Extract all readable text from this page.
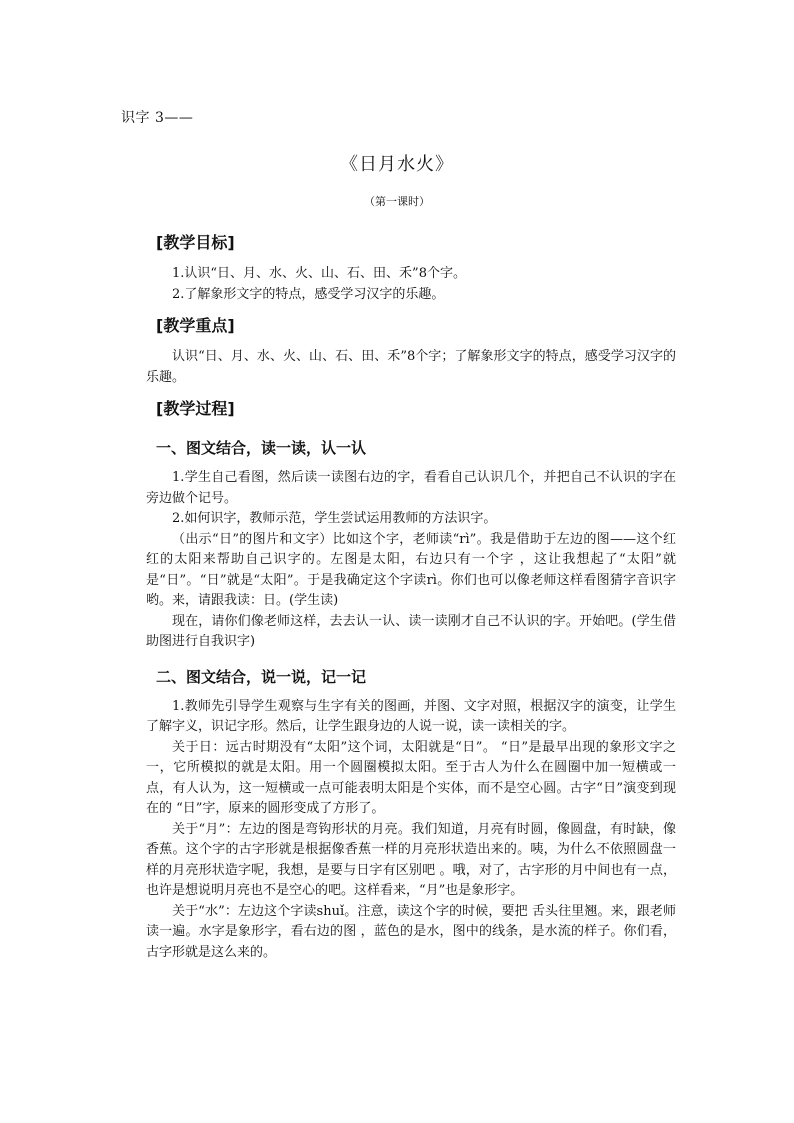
识字 3——
《日月水火》
（第一课时）
[教学目标]

1.认识“日、月、水、火、山、石、田、禾”8个字。

2.了解象形文字的特点，感受学习汉字的乐趣。

[教学重点]

认识“日、月、水、火、山、石、田、禾”8个字；了解象形文字的特点，感受学习汉字的乐趣。

[教学过程]
一、图文结合，读一读，认一认

1.学生自己看图，然后读一读图右边的字，看看自己认识几个，并把自己不认识的字在旁边做个记号。

2.如何识字，教师示范，学生尝试运用教师的方法识字。

（出示“日”的图片和文字）比如这个字，老师读“rì”。我是借助于左边的图——这个红红的太阳来帮助自己识字的。左图是太阳，右边只有一个字 ，这让我想起了“太阳”就是“日”。“日”就是“太阳”。于是我确定这个字读rì。你们也可以像老师这样看图猜字音识字哟。来，请跟我读：日。(学生读)

现在，请你们像老师这样，去去认一认、读一读刚才自己不认识的字。开始吧。(学生借助图进行自我识字)

二、图文结合，说一说，记一记

1.教师先引导学生观察与生字有关的图画，并图、文字对照，根据汉字的演变，让学生了解字义，识记字形。然后，让学生跟身边的人说一说，读一读相关的字。

关于日：远古时期没有“太阳”这个词，太阳就是“日”。 “日”是最早出现的象形文字之一，它所模拟的就是太阳。用一个圆圈模拟太阳。至于古人为什么在圆圈中加一短横或一点，有人认为，这一短横或一点可能表明太阳是个实体，而不是空心圆。古字“日”演变到现在的 “日”字，原来的圆形变成了方形了。

关于“月”：左边的图是弯钩形状的月亮。我们知道，月亮有时圆，像圆盘，有时缺，像香蕉。这个字的古字形就是根据像香蕉一样的月亮形状造出来的。咦，为什么不依照圆盘一样的月亮形状造字呢，我想，是要与日字有区别吧 。哦，对了，古字形的月中间也有一点，也许是想说明月亮也不是空心的吧。这样看来，“月”也是象形字。

关于“水”：左边这个字读shuǐ。注意，读这个字的时候，要把 舌头往里翘。来，跟老师读一遍。水字是象形字，看右边的图 ，蓝色的是水，图中的线条，是水流的样子。你们看，古字形就是这么来的。
